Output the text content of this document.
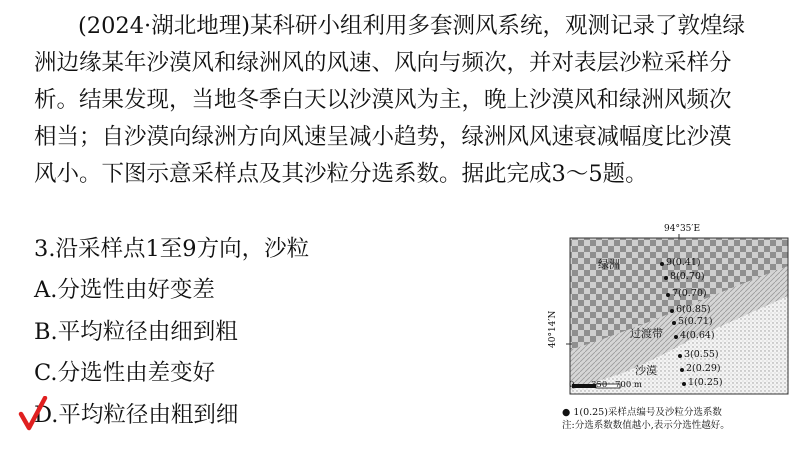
(2024·湖北地理)某科研小组利用多套测风系统，观测记录了敦煌绿
洲边缘某年沙漠风和绿洲风的风速、风向与频次，并对表层沙粒采样分
析。结果发现，当地冬季白天以沙漠风为主，晚上沙漠风和绿洲风频次
相当；自沙漠向绿洲方向风速呈减小趋势，绿洲风风速衰减幅度比沙漠
风小。下图示意采样点及其沙粒分选系数。据此完成3～5题。
3.沿采样点1至9方向，沙粒
A.分选性由好变差
B.平均粒径由细到粗
C.分选性由差变好
D.平均粒径由粗到细
94°35′E
40°14′N
绿洲
过渡带
沙漠
9(0.41)
8(0.70)
7(0.70)
6(0.85)
5(0.71)
4(0.64)
3(0.55)
2(0.29)
1(0.25)
0 350 700 m
● 1(0.25)采样点编号及沙粒分选系数
注:分选系数数值越小,表示分选性越好。
